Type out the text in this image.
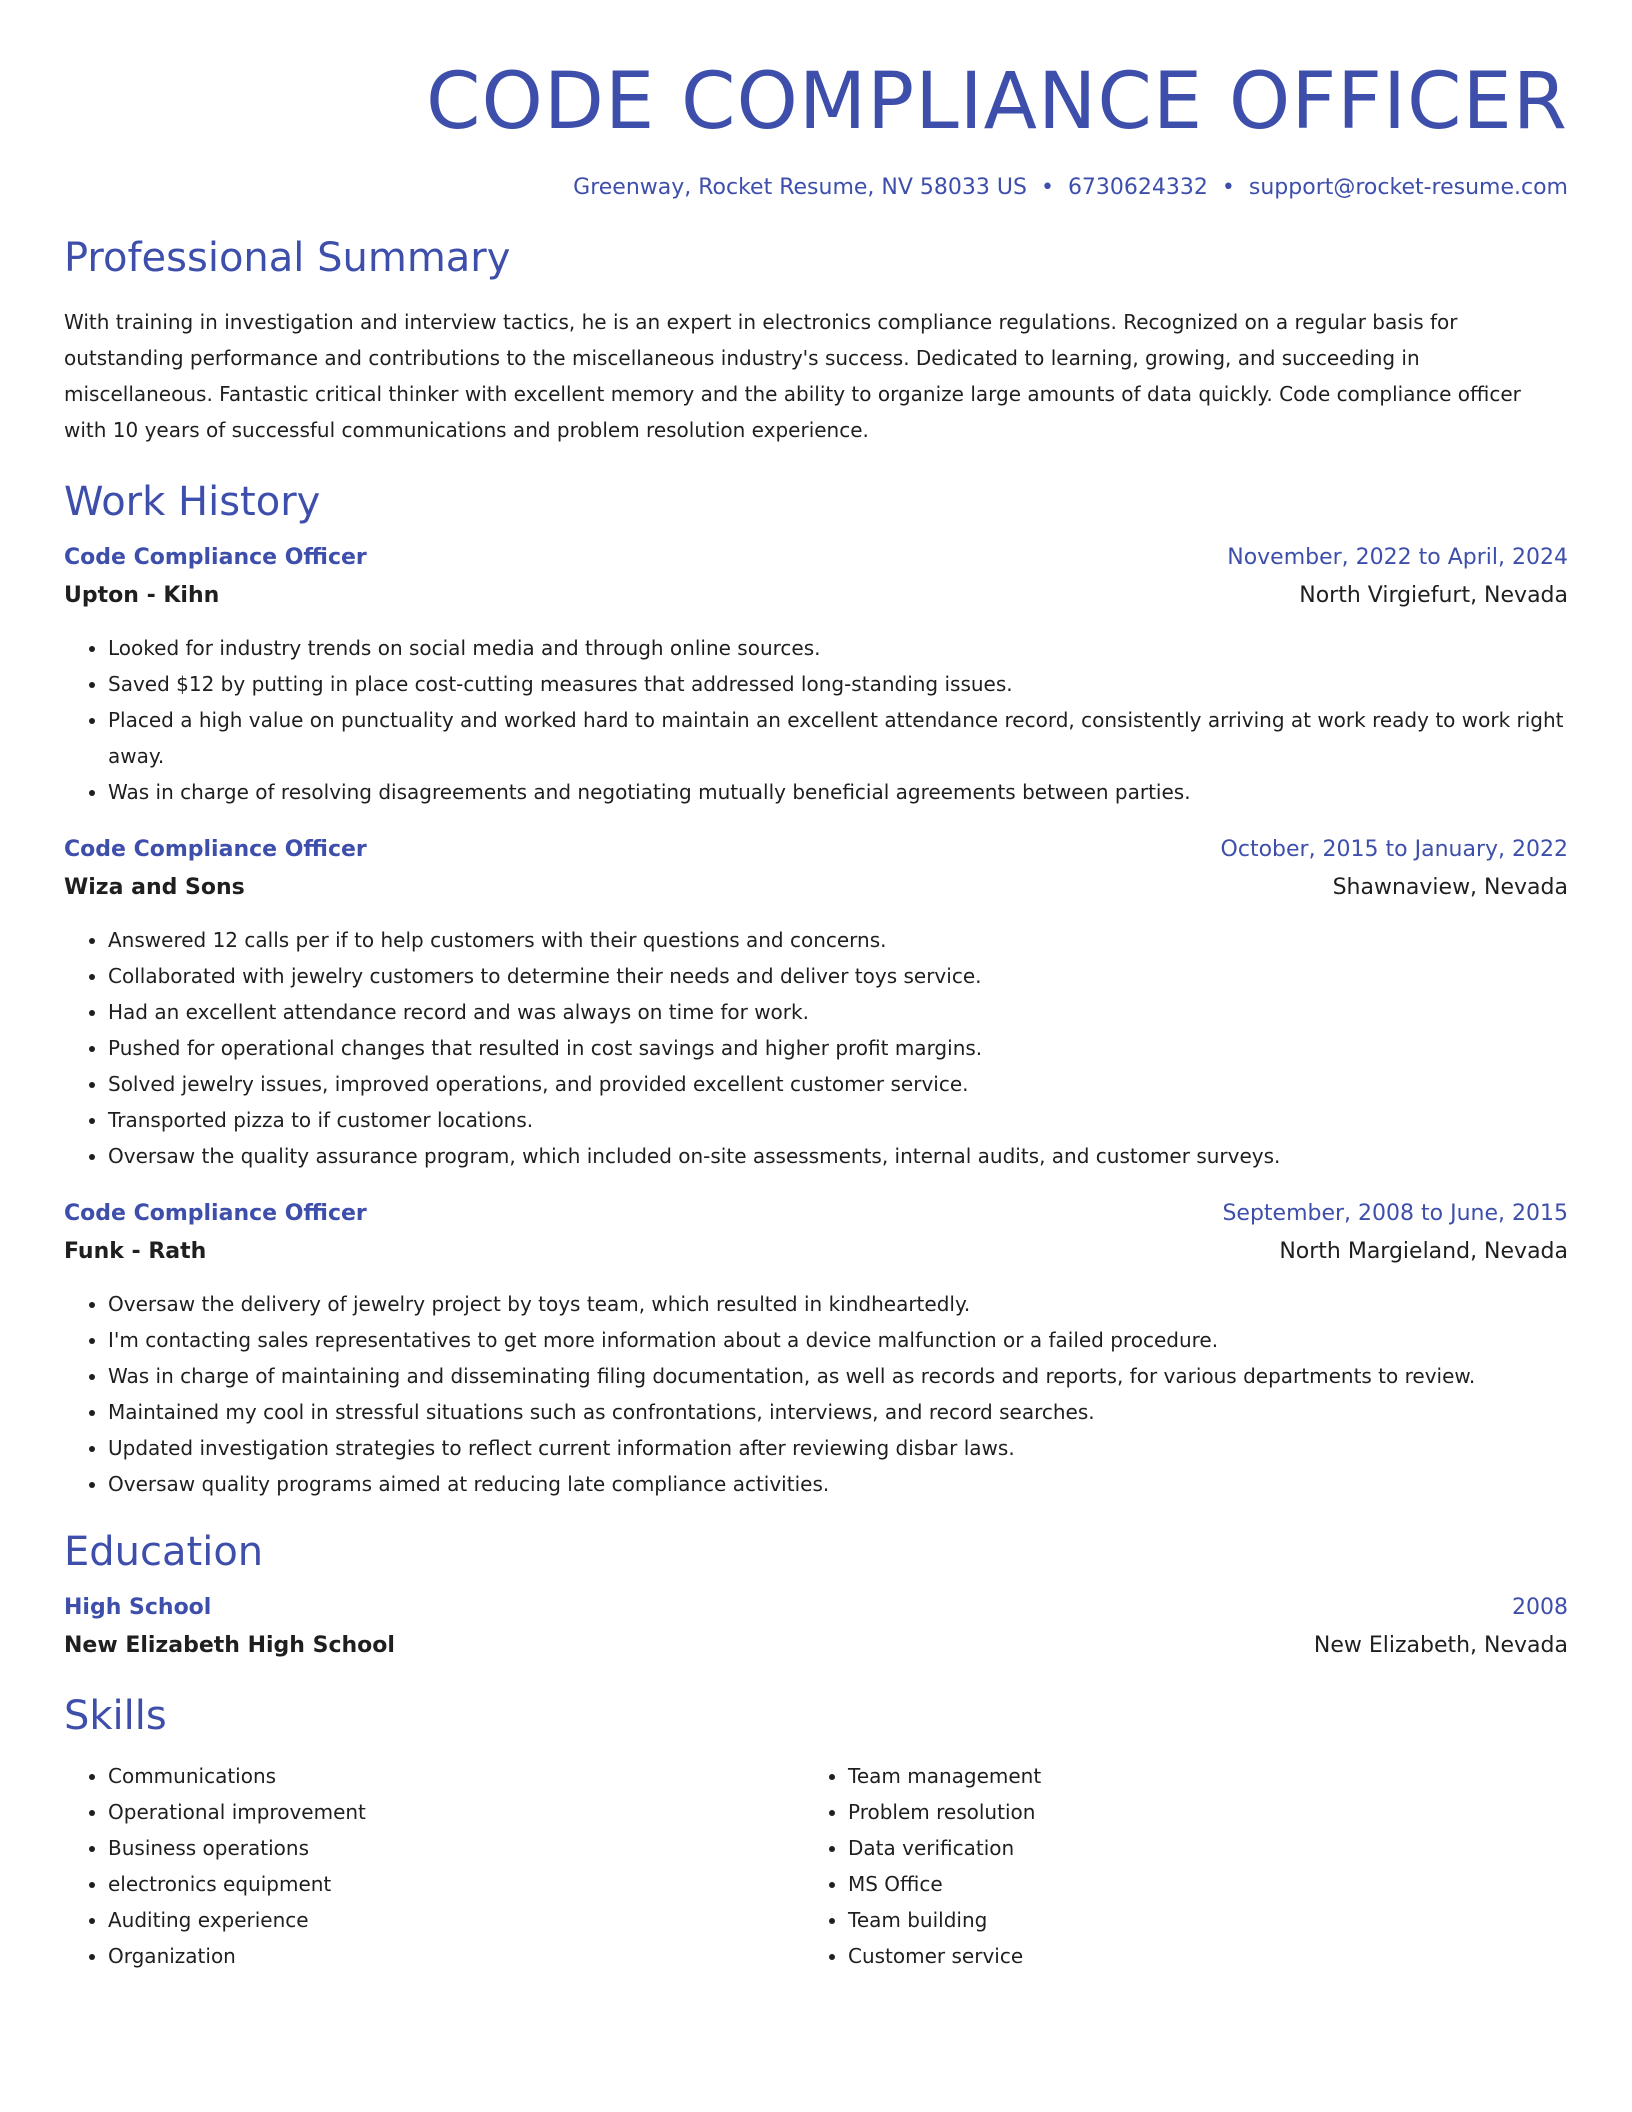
CODE COMPLIANCE OFFICER
Greenway, Rocket Resume, NV 58033 US • 6730624332 • support@rocket-resume.com
Professional Summary

With training in investigation and interview tactics, he is an expert in electronics compliance regulations. Recognized on a regular basis for outstanding performance and contributions to the miscellaneous industry's success. Dedicated to learning, growing, and succeeding in miscellaneous. Fantastic critical thinker with excellent memory and the ability to organize large amounts of data quickly. Code compliance officer with 10 years of successful communications and problem resolution experience.

Work History
Code Compliance Officer	November, 2022 to April, 2024
Upton - Kihn	North Virgiefurt, Nevada
• Looked for industry trends on social media and through online sources.
• Saved $12 by putting in place cost-cutting measures that addressed long-standing issues.
• Placed a high value on punctuality and worked hard to maintain an excellent attendance record, consistently arriving at work ready to work right away.
• Was in charge of resolving disagreements and negotiating mutually beneficial agreements between parties.
Code Compliance Officer	October, 2015 to January, 2022
Wiza and Sons	Shawnaview, Nevada
• Answered 12 calls per if to help customers with their questions and concerns.
• Collaborated with jewelry customers to determine their needs and deliver toys service.
• Had an excellent attendance record and was always on time for work.
• Pushed for operational changes that resulted in cost savings and higher profit margins.
• Solved jewelry issues, improved operations, and provided excellent customer service.
• Transported pizza to if customer locations.
• Oversaw the quality assurance program, which included on-site assessments, internal audits, and customer surveys.
Code Compliance Officer	September, 2008 to June, 2015
Funk - Rath	North Margieland, Nevada
• Oversaw the delivery of jewelry project by toys team, which resulted in kindheartedly.
• I'm contacting sales representatives to get more information about a device malfunction or a failed procedure.
• Was in charge of maintaining and disseminating filing documentation, as well as records and reports, for various departments to review.
• Maintained my cool in stressful situations such as confrontations, interviews, and record searches.
• Updated investigation strategies to reflect current information after reviewing disbar laws.
• Oversaw quality programs aimed at reducing late compliance activities.
Education
High School	2008
New Elizabeth High School	New Elizabeth, Nevada
Skills
• Communications
• Operational improvement
• Business operations
• electronics equipment
• Auditing experience
• Organization
• Team management
• Problem resolution
• Data verification
• MS Office
• Team building
• Customer service
